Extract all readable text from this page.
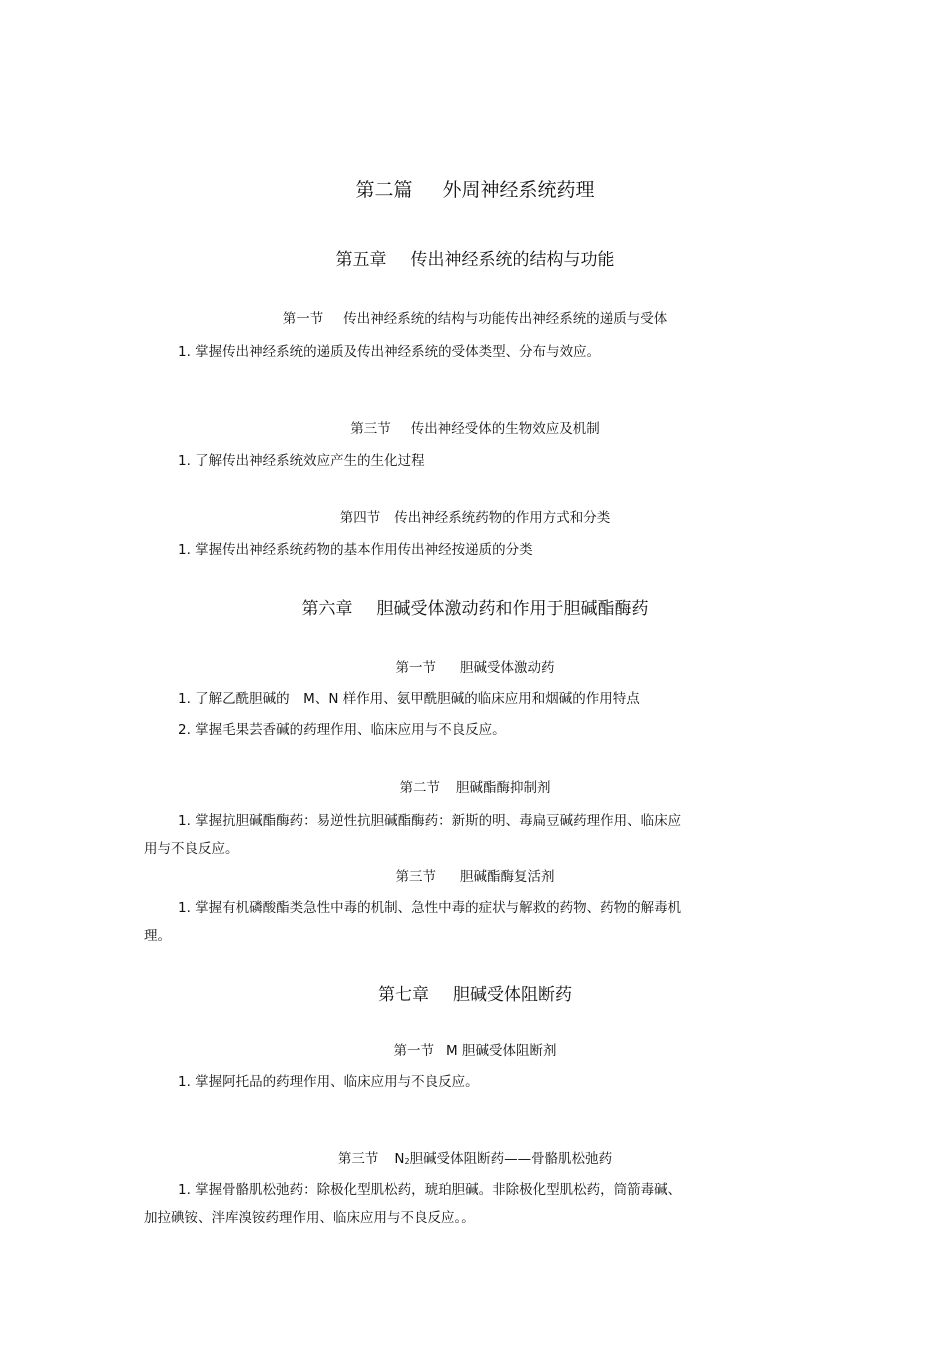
第二篇 外周神经系统药理
第五章 传出神经系统的结构与功能
第一节 传出神经系统的结构与功能传出神经系统的递质与受体
1. 掌握传出神经系统的递质及传出神经系统的受体类型、分布与效应。
第三节 传出神经受体的生物效应及机制
1. 了解传出神经系统效应产生的生化过程
第四节 传出神经系统药物的作用方式和分类
1. 掌握传出神经系统药物的基本作用传出神经按递质的分类
第六章 胆碱受体激动药和作用于胆碱酯酶药
第一节 胆碱受体激动药
1. 了解乙酰胆碱的　M、N 样作用、氨甲酰胆碱的临床应用和烟碱的作用特点
2. 掌握毛果芸香碱的药理作用、临床应用与不良反应。
第二节 胆碱酯酶抑制剂
1. 掌握抗胆碱酯酶药：易逆性抗胆碱酯酶药：新斯的明、毒扁豆碱药理作用、临床应
用与不良反应。
第三节 胆碱酯酶复活剂
1. 掌握有机磷酸酯类急性中毒的机制、急性中毒的症状与解救的药物、药物的解毒机
理。
第七章 胆碱受体阻断药
第一节 M 胆碱受体阻断剂
1. 掌握阿托品的药理作用、临床应用与不良反应。
第三节 $N_2$胆碱受体阻断药——骨骼肌松弛药
1. 掌握骨骼肌松弛药：除极化型肌松药，琥珀胆碱。非除极化型肌松药，筒箭毒碱、
加拉碘铵、泮库溴铵药理作用、临床应用与不良反应。。
